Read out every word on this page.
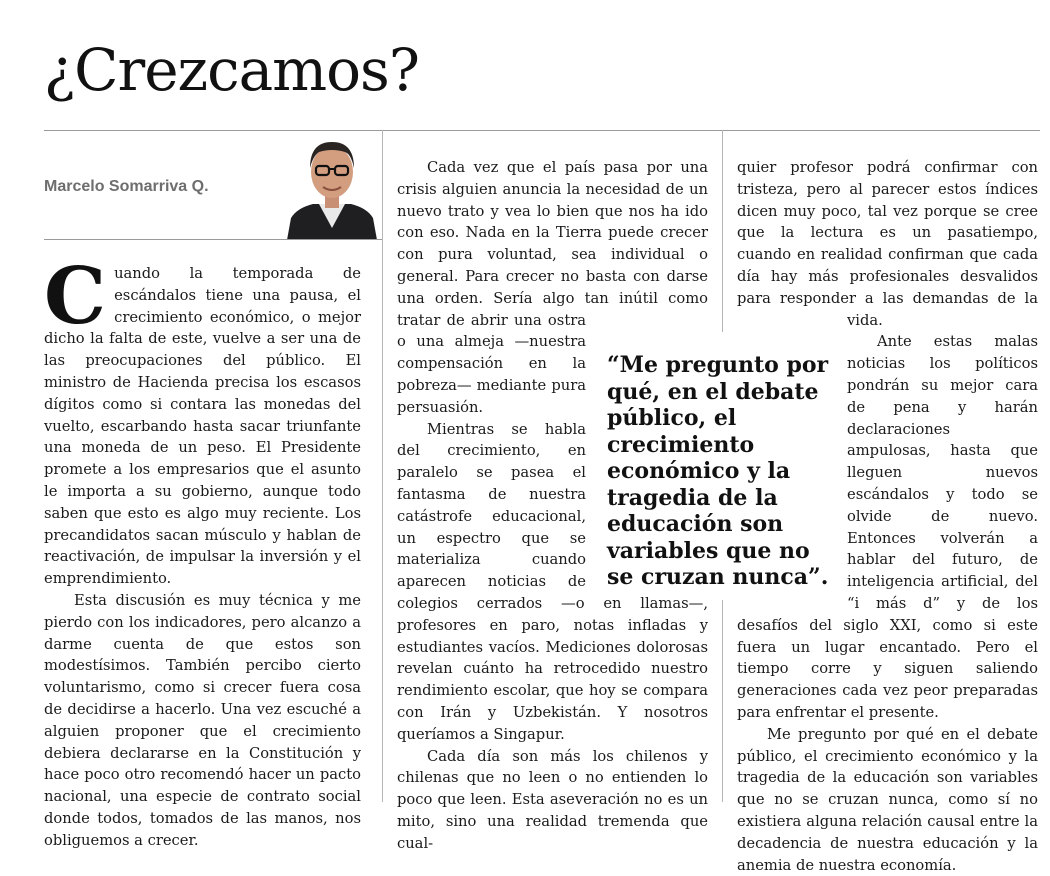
¿Crezcamos?
Marcelo Somarriva Q.

Cuando la temporada de escándalos tiene una pausa, el crecimiento económico, o mejor dicho la falta de este, vuelve a ser una de las preocupaciones del público. El ministro de Hacienda precisa los escasos dígitos como si contara las monedas del vuelto, escarbando hasta sacar triunfante una moneda de un peso. El Presidente promete a los empresarios que el asunto le importa a su gobierno, aunque todo saben que esto es algo muy reciente. Los precandidatos sacan músculo y hablan de reactivación, de impulsar la inversión y el emprendimiento.

Esta discusión es muy técnica y me pierdo con los indicadores, pero alcanzo a darme cuenta de que estos son modestísimos. También percibo cierto voluntarismo, como si crecer fuera cosa de decidirse a hacerlo. Una vez escuché a alguien proponer que el crecimiento debiera declararse en la Constitución y hace poco otro recomendó hacer un pacto nacional, una especie de contrato social donde todos, tomados de las manos, nos obliguemos a crecer.

Cada vez que el país pasa por una crisis alguien anuncia la necesidad de un nuevo trato y vea lo bien que nos ha ido con eso. Nada en la Tierra puede crecer con pura voluntad, sea individual o general. Para crecer no basta con darse una orden. Sería algo tan inútil como tratar de abrir una ostra o una almeja —nuestra compensación en la pobreza— mediante pura persuasión.

Mientras se habla del crecimiento, en paralelo se pasea el fantasma de nuestra catástrofe educacional, un espectro que se materializa cuando aparecen noticias de colegios cerrados —o en llamas—, profesores en paro, notas infladas y estudiantes vacíos. Mediciones dolorosas revelan cuánto ha retrocedido nuestro rendimiento escolar, que hoy se compara con Irán y Uzbekistán. Y nosotros queríamos a Singapur.

Cada día son más los chilenos y chilenas que no leen o no entienden lo poco que leen. Esta aseveración no es un mito, sino una realidad tremenda que cual-

quier profesor podrá confirmar con tristeza, pero al parecer estos índices dicen muy poco, tal vez porque se cree que la lectura es un pasatiempo, cuando en realidad confirman que cada día hay más profesionales desvalidos para responder a las demandas de la vida.

Ante estas malas noticias los políticos pondrán su mejor cara de pena y harán declaraciones ampulosas, hasta que lleguen nuevos escándalos y todo se olvide de nuevo. Entonces volverán a hablar del futuro, de inteligencia artificial, del “i más d” y de los desafíos del siglo XXI, como si este fuera un lugar encantado. Pero el tiempo corre y siguen saliendo generaciones cada vez peor preparadas para enfrentar el presente.

Me pregunto por qué en el debate público, el crecimiento económico y la tragedia de la educación son variables que no se cruzan nunca, como sí no existiera alguna relación causal entre la decadencia de nuestra educación y la anemia de nuestra economía.

“Me pregunto por qué, en el debate público, el crecimiento económico y la tragedia de la educación son variables que no se cruzan nunca”.
